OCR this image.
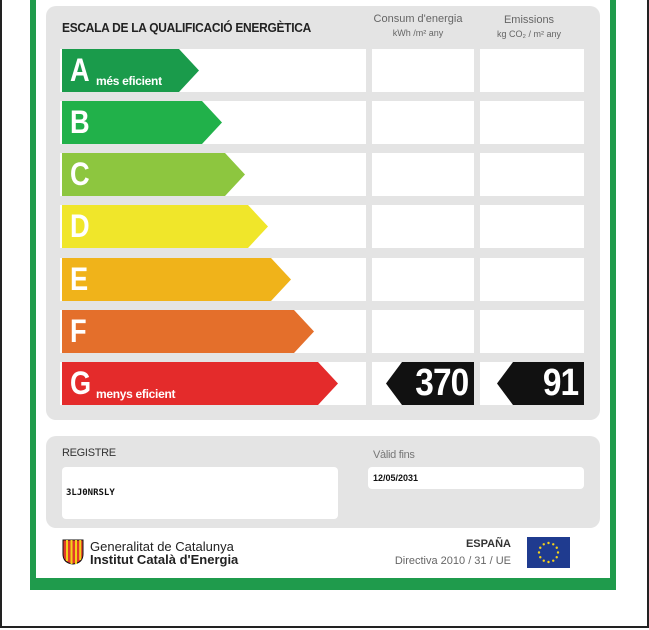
ESCALA DE LA QUALIFICACIÓ ENERGÈTICA
Consum d'energia
kWh /m² any
Emissions
kg CO₂ / m² any
A més eficient
B
C
D
E
F
G menys eficient	370 91
REGISTRE
3LJ0NRSLY
Vàlid fins
12/05/2031
Generalitat de Catalunya
Institut Català d'Energia
ESPAÑA
Directiva 2010 / 31 / UE
